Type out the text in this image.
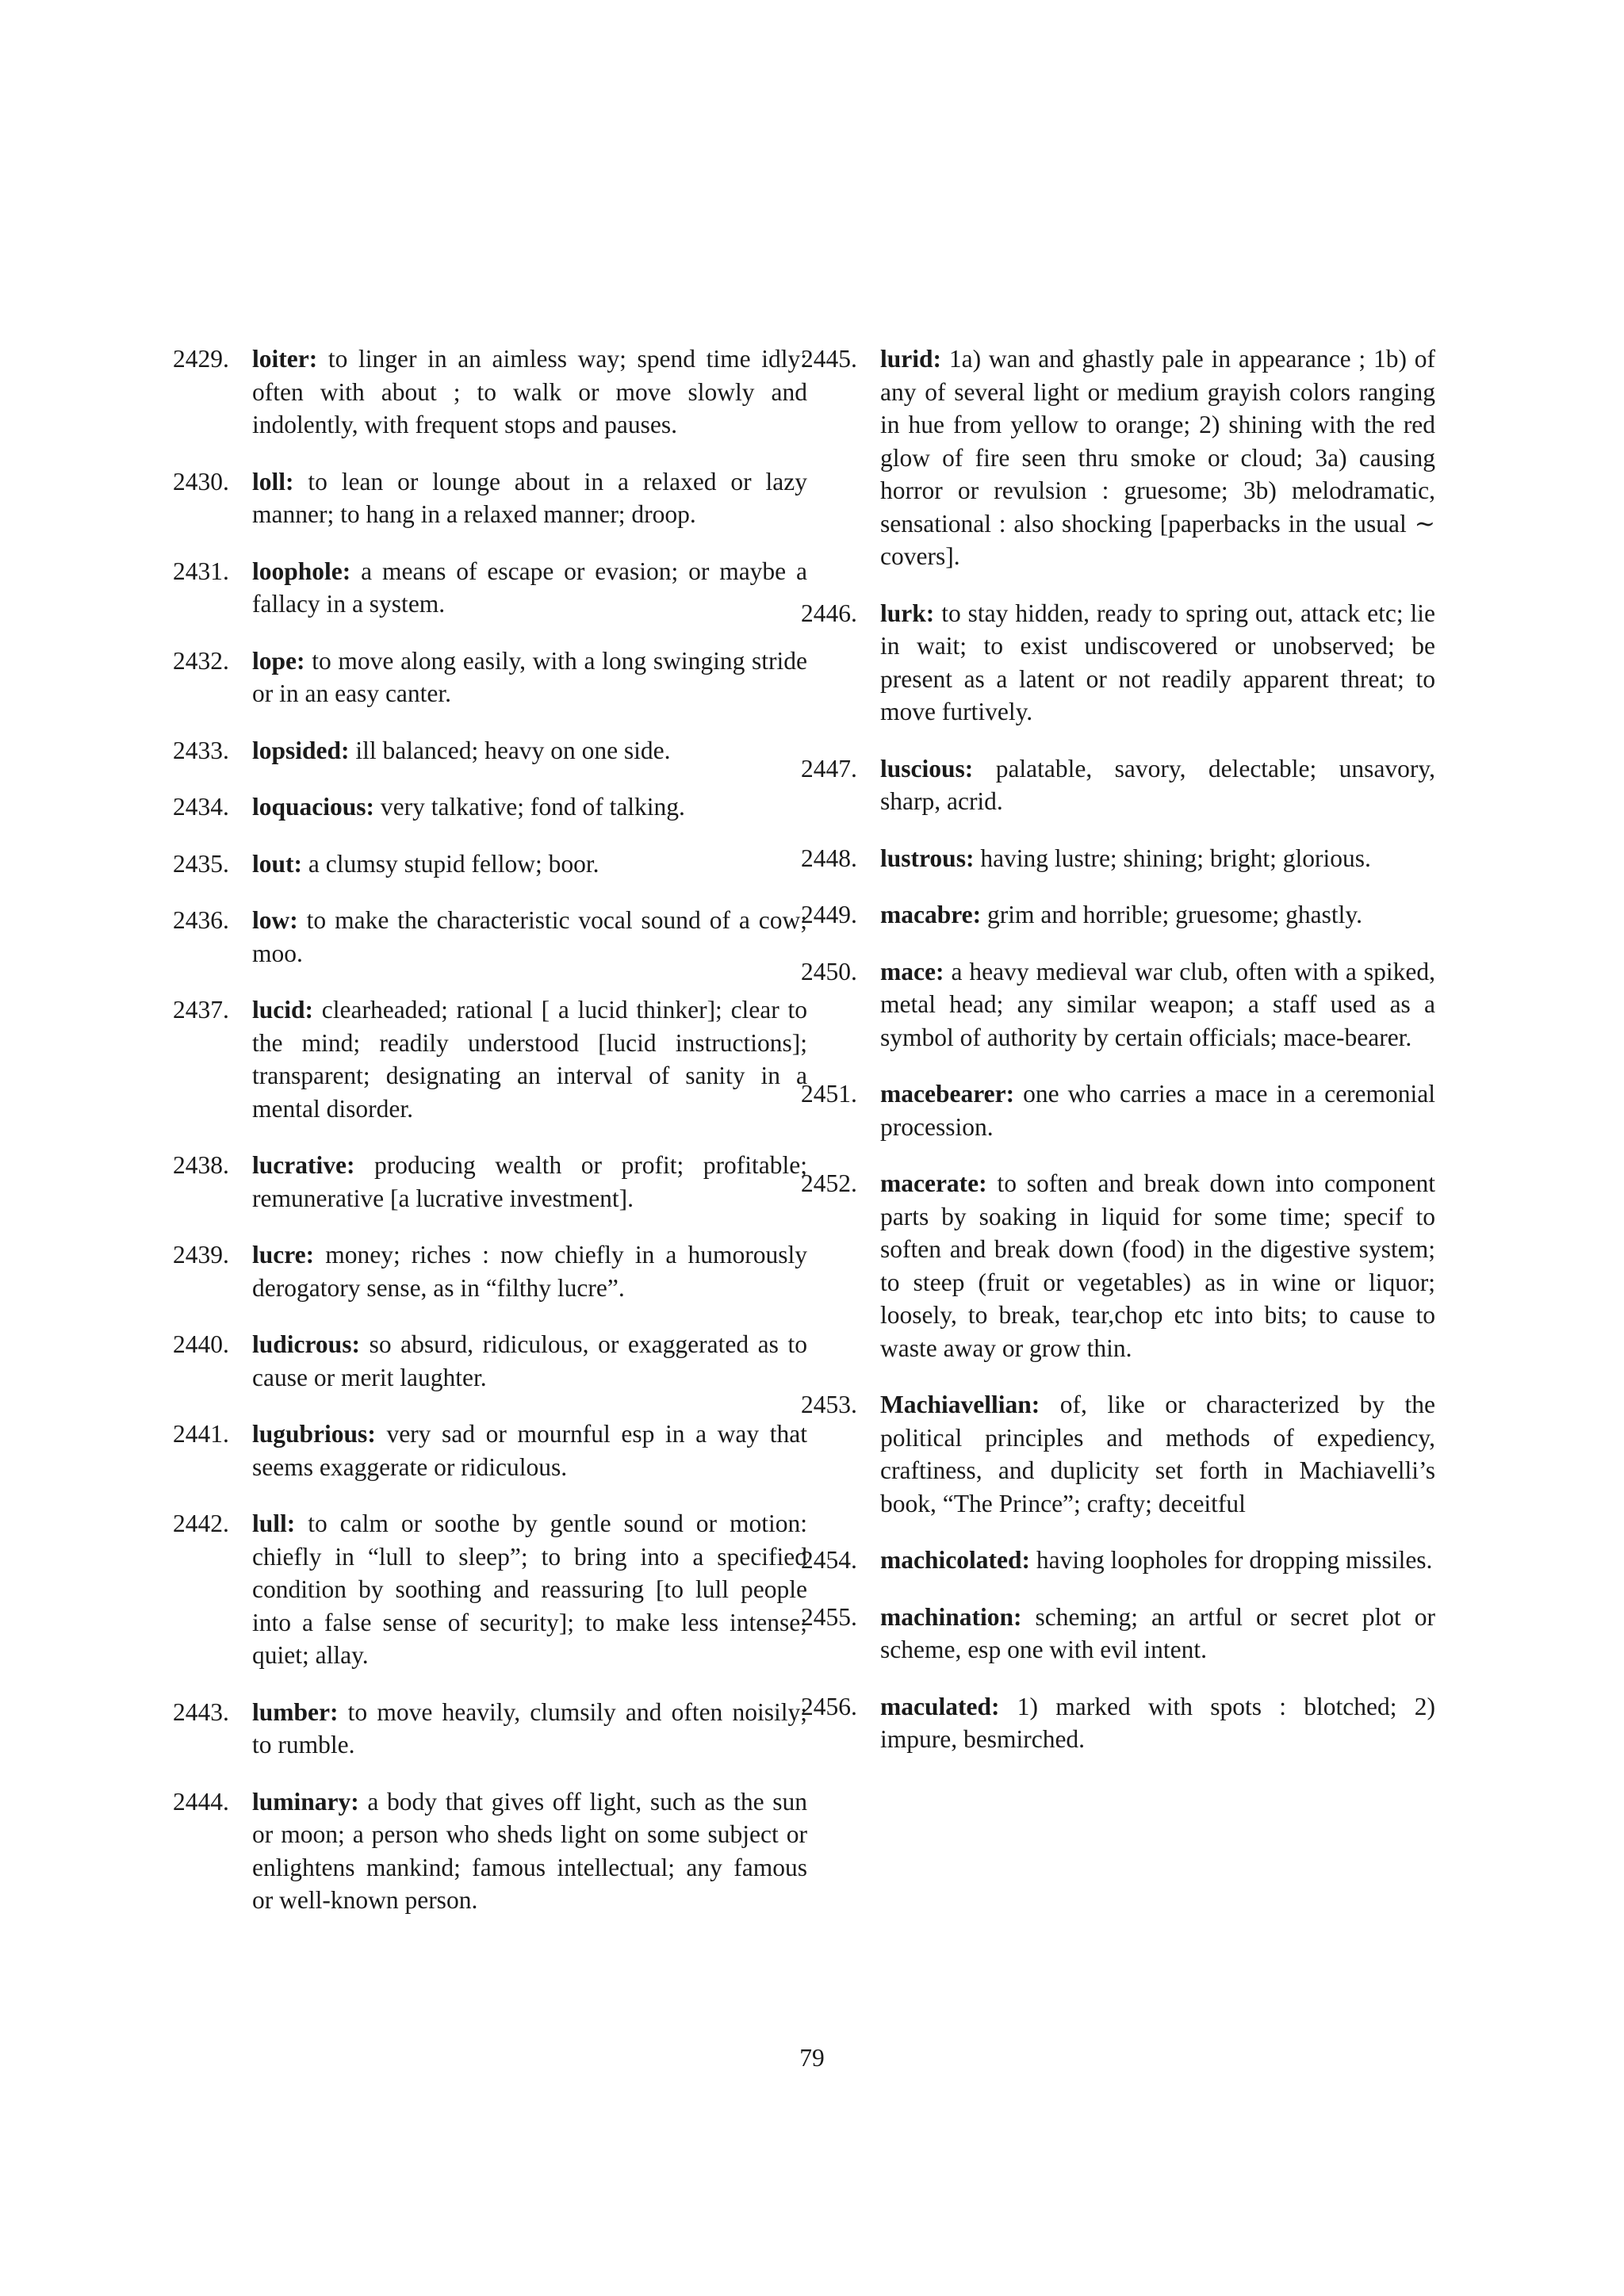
2429. loiter: to linger in an aimless way; spend time idly: often with about ; to walk or move slowly and indolently, with frequent stops and pauses.
2430. loll: to lean or lounge about in a relaxed or lazy manner; to hang in a relaxed manner; droop.
2431. loophole: a means of escape or evasion; or maybe a fallacy in a system.
2432. lope: to move along easily, with a long swinging stride or in an easy canter.
2433. lopsided: ill balanced; heavy on one side.
2434. loquacious: very talkative; fond of talking.
2435. lout: a clumsy stupid fellow; boor.
2436. low: to make the characteristic vocal sound of a cow; moo.
2437. lucid: clearheaded; rational [ a lucid thinker]; clear to the mind; readily understood [lucid instructions]; transparent; designating an interval of sanity in a mental disorder.
2438. lucrative: producing wealth or profit; profitable; remunerative [a lucrative investment].
2439. lucre: money; riches : now chiefly in a humorously derogatory sense, as in “filthy lucre”.
2440. ludicrous: so absurd, ridiculous, or exaggerated as to cause or merit laughter.
2441. lugubrious: very sad or mournful esp in a way that seems exaggerate or ridiculous.
2442. lull: to calm or soothe by gentle sound or motion: chiefly in “lull to sleep”; to bring into a specified condition by soothing and reassuring [to lull people into a false sense of security]; to make less intense; quiet; allay.
2443. lumber: to move heavily, clumsily and often noisily; to rumble.
2444. luminary: a body that gives off light, such as the sun or moon; a person who sheds light on some subject or enlightens mankind; famous intellectual; any famous or well-known person.
2445. lurid: 1a) wan and ghastly pale in appearance ; 1b) of any of several light or medium grayish colors ranging in hue from yellow to orange; 2) shining with the red glow of fire seen thru smoke or cloud; 3a) causing horror or revulsion : gruesome; 3b) melodramatic, sensational : also shocking [paperbacks in the usual ∼ covers].
2446. lurk: to stay hidden, ready to spring out, attack etc; lie in wait; to exist undiscovered or unobserved; be present as a latent or not readily apparent threat; to move furtively.
2447. luscious: palatable, savory, delectable; unsavory, sharp, acrid.
2448. lustrous: having lustre; shining; bright; glorious.
2449. macabre: grim and horrible; gruesome; ghastly.
2450. mace: a heavy medieval war club, often with a spiked, metal head; any similar weapon; a staff used as a symbol of authority by certain officials; mace-bearer.
2451. macebearer: one who carries a mace in a ceremonial procession.
2452. macerate: to soften and break down into component parts by soaking in liquid for some time; specif to soften and break down (food) in the digestive system; to steep (fruit or vegetables) as in wine or liquor; loosely, to break, tear,chop etc into bits; to cause to waste away or grow thin.
2453. Machiavellian: of, like or characterized by the political principles and methods of expediency, craftiness, and duplicity set forth in Machiavelli’s book, “The Prince”; crafty; deceitful
2454. machicolated: having loopholes for dropping missiles.
2455. machination: scheming; an artful or secret plot or scheme, esp one with evil intent.
2456. maculated: 1) marked with spots : blotched; 2) impure, besmirched.
79
